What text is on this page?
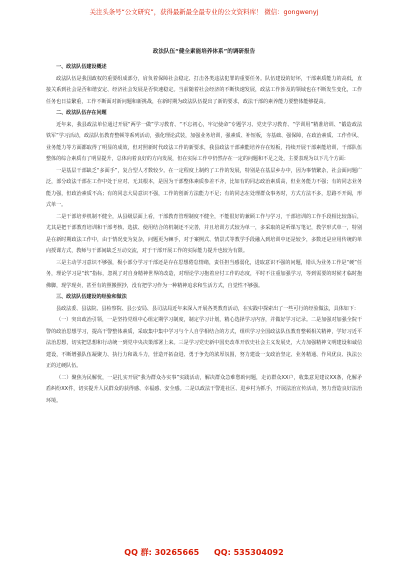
关注头条号“公文研究”，获得最新最全最专业的公文资料库！ 微信：gongwenyj
政法队伍“健全素能培养体系”的调研报告

一、政法队伍建设概述

政法队伍是我国政权的重要组成部分，肩负着保障社会稳定、打击各类违法犯罪的重要任务。队伍建设的好坏，干部素质能力的高低，直接关系到社会是否和谐安定、经济社会发展是否快速稳定。当前随着社会经济的不断快速发展，政法工作涉及的领域也在不断发生变化，工作任务也日益繁重，工作不断面对新问题和新挑战，在新时期为政法队伍提出了新的要求，政法干部的素养能力要整体能够提高。

二、政法队伍存在问题

近年来，我县政法单位通过开展“两学一做”学习教育、“不忘初心，牢记使命”专题学习、党史学习教育、“学训用”精准培训、“锻造政法铁军”学习活动，政法队伍教育整顿等系列活动，强化理论武装，加强业务培训，强素质、补短板，夯基础、强保障，在政治素质、工作作风、业务能力等方面都取得了明显的成效，但对照新时代政法工作的新要求，我县政法干部素能培养存在短板，持续开展干部素能培训，干部队伍整体的综合素质有了明显提升，总体向着良好的方向发展，但在实际工作中仍然存在一定的问题和不足之处，主要表现为以下几个方面：

一是基层干部缺乏“多面手”，复合型人才数较少。在一定程度上制约了工作的发展，特别是在基层乡办中，因为事情繁杂，社会面问题广泛，部分政法干部在工作中处于应对、无其根本，是因为干部整体素质参差不齐，比如有的同志政治素质高，但业务能力不强；有的同志业务能力强，但政治素质不高；有的同志大局意识不强，工作的创新方法能力不足；有的同志在处理群众事务时，方式方法不多，思路不开阔，形式单一。

二是干部培养机制不健全，从县级层面上看，干部教育管理制度不健全，不能很好的兼顾工作与学习，干部培训的工作手段相比较落后，尤其是把干部教育培训和干部考核、选拔、使用结合的机制还不完善，并且培训方式较为单一，多采取的是听课写笔记，教学形式单一，特别是在新时期政法工作中，由于情况变为复杂，问题更为棘手，对于案例式、情景式等教学手段融入到培训中还是较少，多数还是应用传统的单向授课方式，教师与干部间缺乏互动交流，对于干部开展工作的实际能力提升也较为有限。

三是主动学习意识不够强，极小部分学习干部还是存在思想倦怠情绪，责任担当感弱化，进取意识不强的问题，错认为业务工作是“硬”任务，理论学习是“软”指标，忽视了对自身精神世界的改造，对理论学习抱着应付工作的态度，平时不注重加强学习，等到需要的时候才临时抱佛脚，现学现卖，甚至有的照搬照抄，没有把学习作为一种精神追求和生活方式，自觉性不够强。

三、政法队伍建设的经验和做法

县政法委、县法院、县检察院、县公安局、县司法局近年来深入开展各类教育活动，在实践中探索出了一些可行的经验做法，具体如下：

（一）突出政治引领，一是坚持党组中心组定期学习制度，制定学习计划，精心选择学习内容，并做好学习记录。二是加强对加强全院干警的政治思想学习，提高干警整体素质，采取集中集中学习与个人自学相结合的方式，组织学习全国政法队伍教育整顿相关精神，学好习近平法治思想，切实把思想和行动统一到党中央决策部署上来。三是学习党史新中国史改革开放史社会主义发展史，大力加强精神文明建设和诚信建设，不断增强队伍凝聚力、执行力和战斗力，营造开拓奋进、勇于争先的浓厚氛围，努力建设一支政治坚定、业务精通、作风优良、执法公正的过硬队伍。

（二）聚焦为民解忧，一是扎实开展“我为群众办实事”实践活动，解决群众急难愁盼问题，走访群众XX户，收集意见建议XX条，化解矛盾纠纷XX件，切实提升人民群众的获得感、幸福感、安全感。二是以政法干警进社区、进乡村为抓手，开展法治宣传活动，努力营造良好法治环境。

QQ 群: 30265665 QQ: 535304092
